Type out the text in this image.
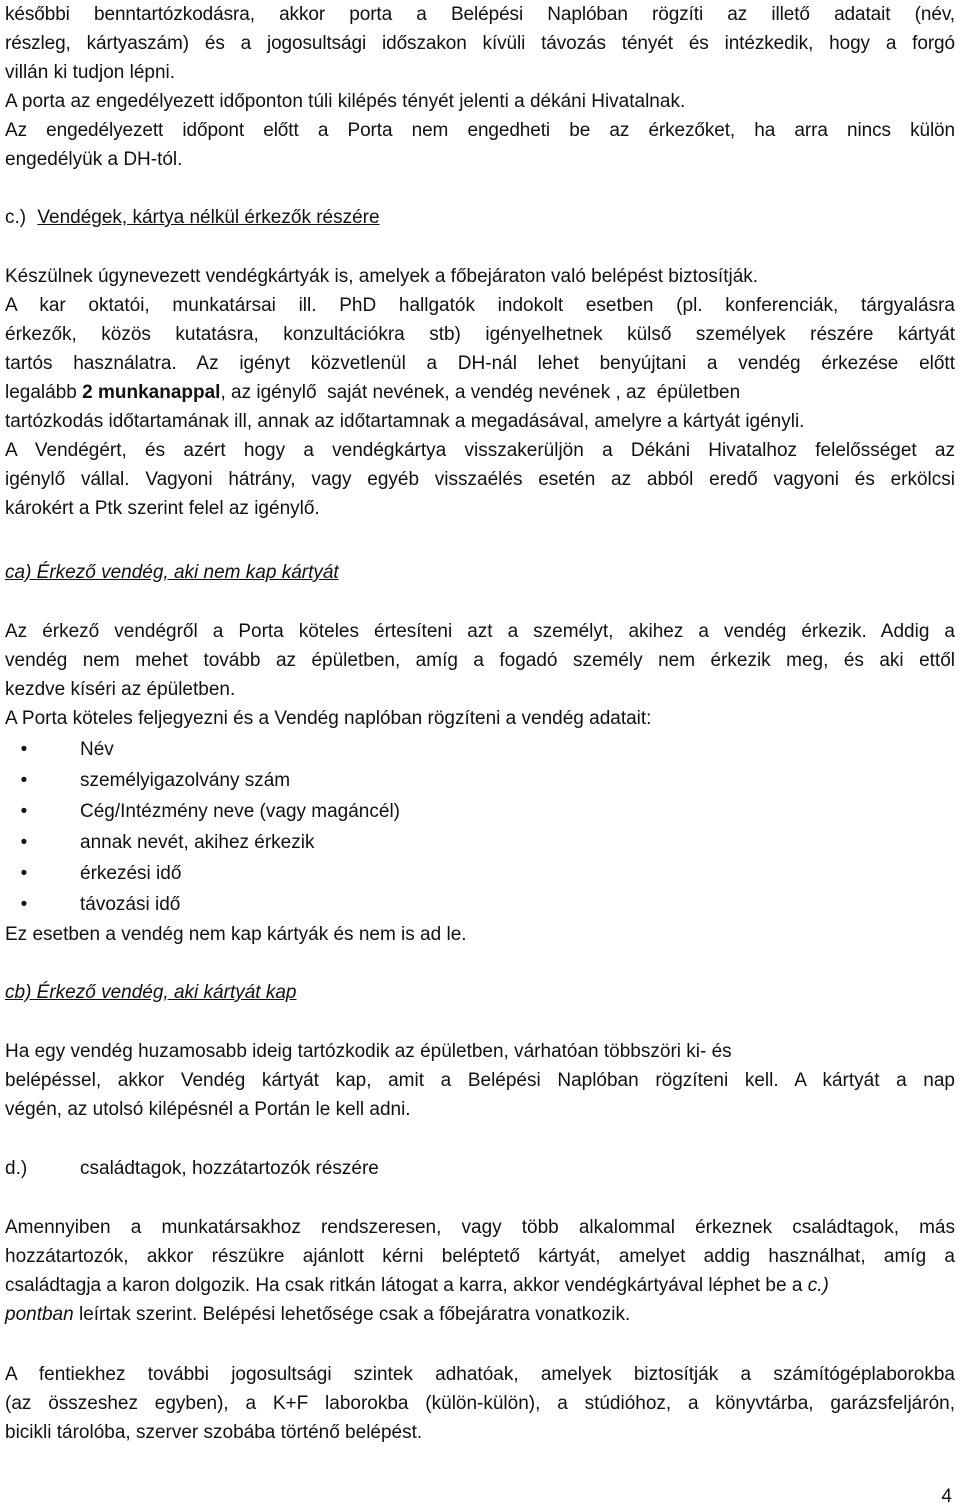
későbbi benntartózkodásra, akkor porta a Belépési Naplóban rögzíti az illető adatait (név,
részleg, kártyaszám) és a jogosultsági időszakon kívüli távozás tényét és intézkedik, hogy a forgó
villán ki tudjon lépni.
A porta az engedélyezett időponton túli kilépés tényét jelenti a dékáni Hivatalnak.
Az engedélyezett időpont előtt a Porta nem engedheti be az érkezőket, ha arra nincs külön
engedélyük a DH-tól.
c.) Vendégek, kártya nélkül érkezők részére
Készülnek úgynevezett vendégkártyák is, amelyek a főbejáraton való belépést biztosítják.
A kar oktatói, munkatársai ill. PhD hallgatók indokolt esetben (pl. konferenciák, tárgyalásra
érkezők, közös kutatásra, konzultációkra stb) igényelhetnek külső személyek részére kártyát
tartós használatra. Az igényt közvetlenül a DH-nál lehet benyújtani a vendég érkezése előtt
legalább 2 munkanappal, az igénylő  saját nevének, a vendég nevének , az  épületben
tartózkodás időtartamának ill, annak az időtartamnak a megadásával, amelyre a kártyát igényli.
A Vendégért, és azért hogy a vendégkártya visszakerüljön a Dékáni Hivatalhoz felelősséget az
igénylő vállal. Vagyoni hátrány, vagy egyéb visszaélés esetén az abból eredő vagyoni és erkölcsi
károkért a Ptk szerint felel az igénylő.
ca) Érkező vendég, aki nem kap kártyát
Az érkező vendégről a Porta köteles értesíteni azt a személyt, akihez a vendég érkezik. Addig a
vendég nem mehet tovább az épületben, amíg a fogadó személy nem érkezik meg, és aki ettől
kezdve kíséri az épületben.
A Porta köteles feljegyezni és a Vendég naplóban rögzíteni a vendég adatait:
•	Név
•	személyigazolvány szám
•	Cég/Intézmény neve (vagy magáncél)
•	annak nevét, akihez érkezik
•	érkezési idő
•	távozási idő
Ez esetben a vendég nem kap kártyák és nem is ad le.
cb) Érkező vendég, aki kártyát kap
Ha egy vendég huzamosabb ideig tartózkodik az épületben, várhatóan többszöri ki- és
belépéssel, akkor Vendég kártyát kap, amit a Belépési Naplóban rögzíteni kell. A kártyát a nap
végén, az utolsó kilépésnél a Portán le kell adni.
d.)	családtagok, hozzátartozók részére
Amennyiben a munkatársakhoz rendszeresen, vagy több alkalommal érkeznek családtagok, más
hozzátartozók, akkor részükre ajánlott kérni beléptető kártyát, amelyet addig használhat, amíg a
családtagja a karon dolgozik. Ha csak ritkán látogat a karra, akkor vendégkártyával léphet be a c.)
pontban leírtak szerint. Belépési lehetősége csak a főbejáratra vonatkozik.
A fentiekhez további jogosultsági szintek adhatóak, amelyek biztosítják a számítógéplaborokba
(az összeshez egyben), a K+F laborokba (külön-külön), a stúdióhoz, a könyvtárba, garázsfeljárón,
bicikli tárolóba, szerver szobába történő belépést.
4
